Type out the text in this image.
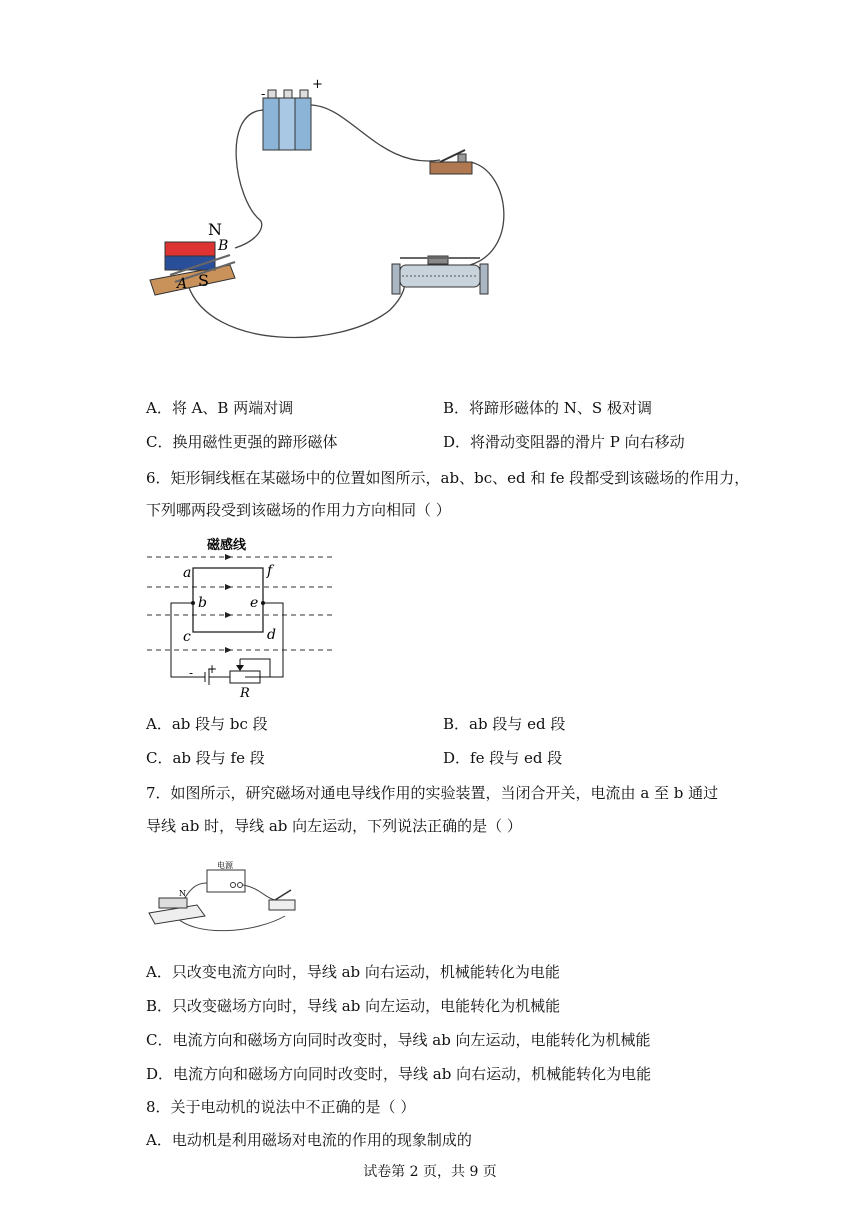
-
+
N
S
B
A
A．将 A、B 两端对调	B．将蹄形磁体的 N、S 极对调
C．换用磁性更强的蹄形磁体	D．将滑动变阻器的滑片 P 向右移动
6．矩形铜线框在某磁场中的位置如图所示，ab、bc、ed 和 fe 段都受到该磁场的作用力，
下列哪两段受到该磁场的作用力方向相同（ ）
磁感线
- +
R
a
b
c	d
e
f
A．ab 段与 bc 段	B．ab 段与 ed 段
C．ab 段与 fe 段	D．fe 段与 ed 段
7．如图所示，研究磁场对通电导线作用的实验装置，当闭合开关，电流由 a 至 b 通过
导线 ab 时，导线 ab 向左运动，下列说法正确的是（ ）
电源
N
A．只改变电流方向时，导线 ab 向右运动，机械能转化为电能
B．只改变磁场方向时，导线 ab 向左运动，电能转化为机械能
C．电流方向和磁场方向同时改变时，导线 ab 向左运动，电能转化为机械能
D．电流方向和磁场方向同时改变时，导线 ab 向右运动，机械能转化为电能
8．关于电动机的说法中不正确的是（ ）
A．电动机是利用磁场对电流的作用的现象制成的
试卷第 2 页，共 9 页
